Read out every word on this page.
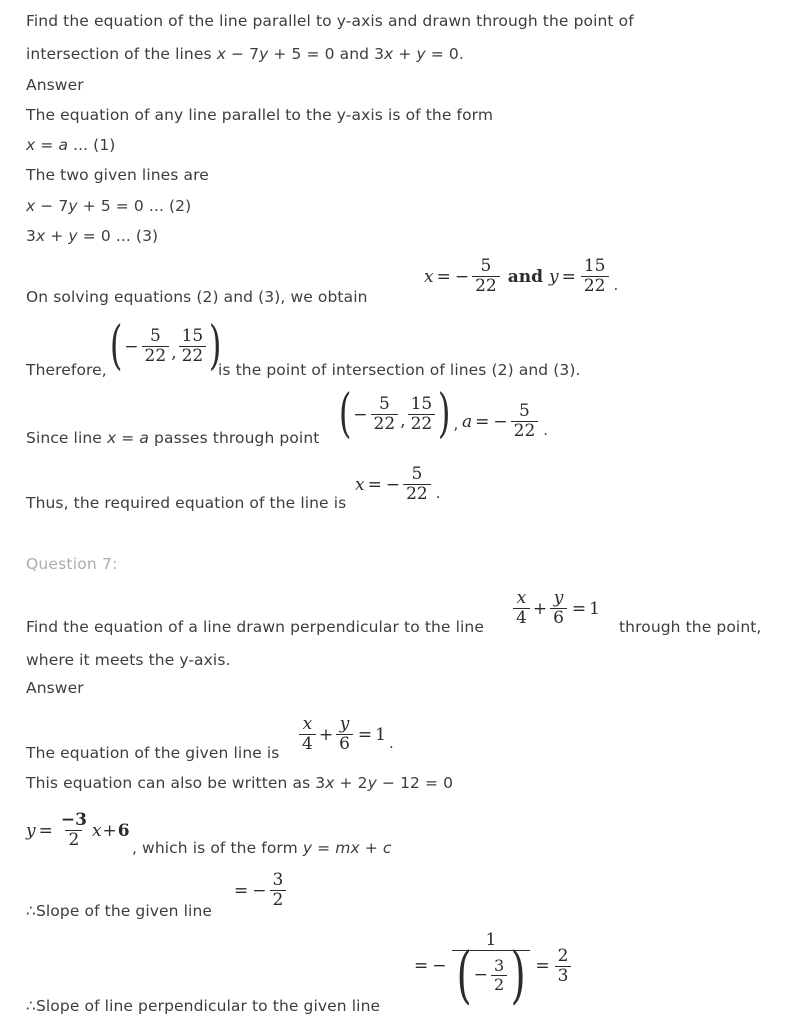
Find the equation of the line parallel to y-axis and drawn through the point of
intersection of the lines x − 7y + 5 = 0 and 3x + y = 0.
Answer
The equation of any line parallel to the y-axis is of the form
x = a ... (1)
The two given lines are
x − 7y + 5 = 0 ... (2)
3x + y = 0 ... (3)
On solving equations (2) and (3), we obtain
x = − $\frac{5}{22}$ and $y = \frac{15}{22}$ .
Therefore, ( − $\frac{5}{22}$ , $\frac{15}{22}$ )
is the point of intersection of lines (2) and (3).
Since line x = a passes through point ( − $\frac{5}{22}$ , $\frac{15}{22}$ ) , a = − $\frac{5}{22}$ .
Thus, the required equation of the line is
x = − $\frac{5}{22}$ .
Question 7:
Find the equation of a line drawn perpendicular to the line $\frac{x}{4} + \frac{y}{6} = 1$
through the point,
where it meets the y-axis.
Answer
The equation of the given line is $\frac{x}{4} + \frac{y}{6} = 1$ .
This equation can also be written as 3x + 2y − 12 = 0
$y = \frac{-3}{2}$ x + 6
, which is of the form y = mx + c
∴Slope of the given line
= − $\frac{3}{2}$
∴Slope of line perpendicular to the given line
= −
1
( − $\frac{3}{2}$ ) = $\frac{2}{3}$
